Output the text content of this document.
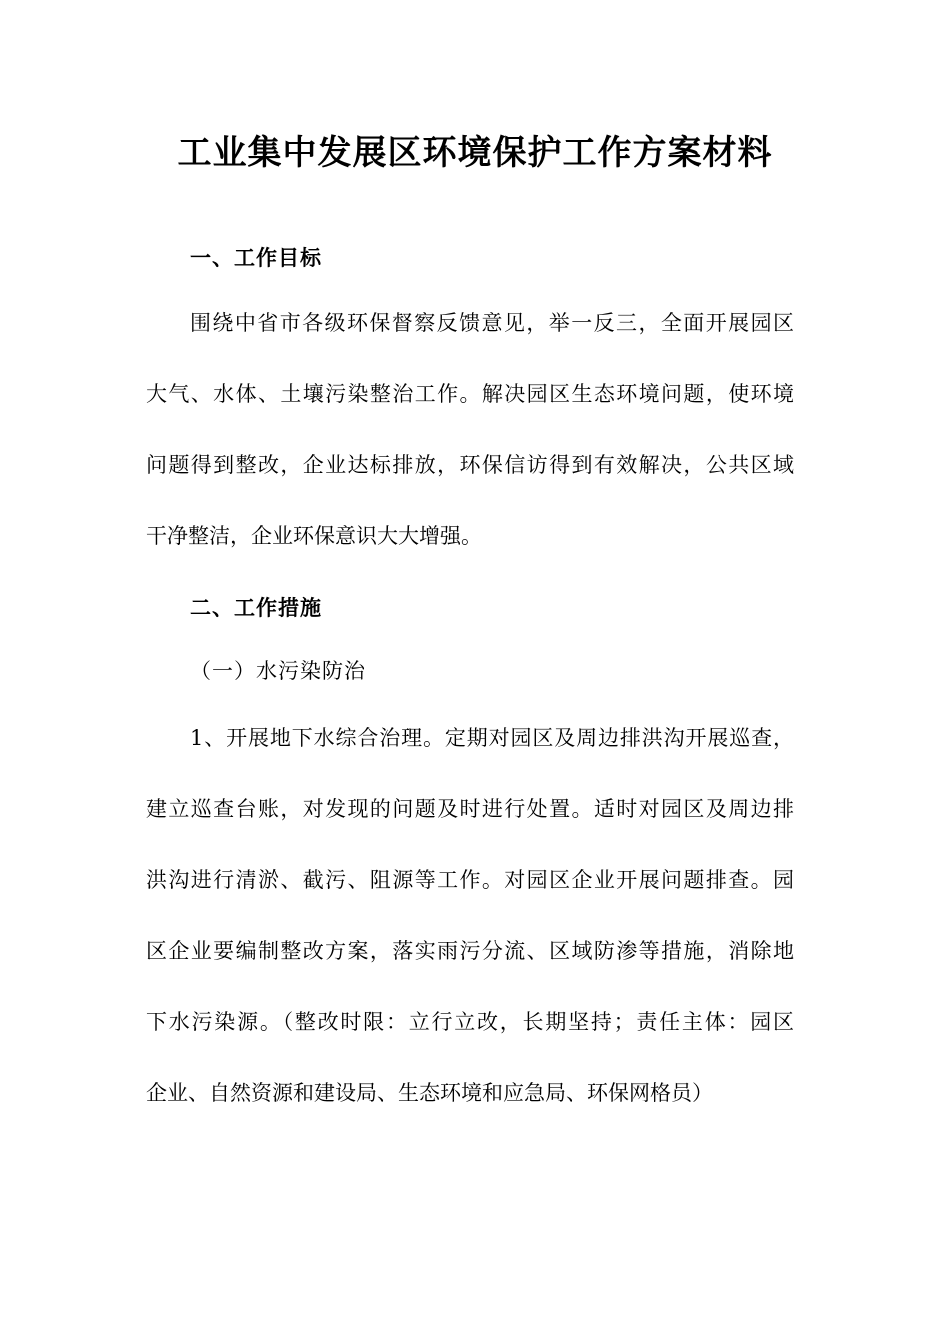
工业集中发展区环境保护工作方案材料
一、工作目标
围绕中省市各级环保督察反馈意见，举一反三，全面开展园区
大气、水体、土壤污染整治工作。解决园区生态环境问题，使环境
问题得到整改，企业达标排放，环保信访得到有效解决，公共区域
干净整洁，企业环保意识大大增强。
二、工作措施
（一）水污染防治
1、开展地下水综合治理。定期对园区及周边排洪沟开展巡查，
建立巡查台账，对发现的问题及时进行处置。适时对园区及周边排
洪沟进行清淤、截污、阻源等工作。对园区企业开展问题排查。园
区企业要编制整改方案，落实雨污分流、区域防渗等措施，消除地
下水污染源。（整改时限：立行立改，长期坚持；责任主体：园区
企业、自然资源和建设局、生态环境和应急局、环保网格员）
